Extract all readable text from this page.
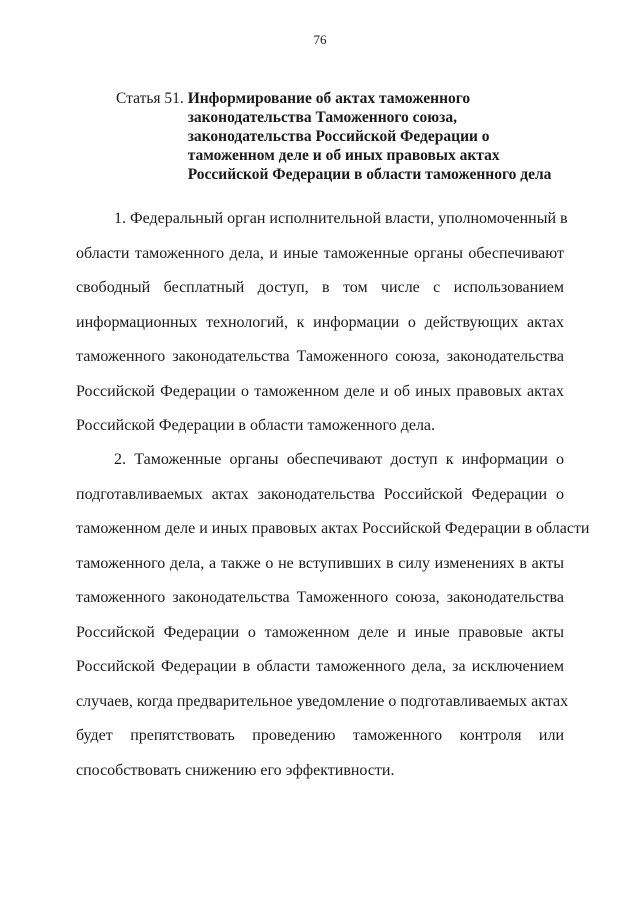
76
Статья 51. Информирование об актах таможенного
законодательства Таможенного союза,
законодательства Российской Федерации о
таможенном деле и об иных правовых актах
Российской Федерации в области таможенного дела
1. Федеральный орган исполнительной власти, уполномоченный в
области таможенного дела, и иные таможенные органы обеспечивают
свободный бесплатный доступ, в том числе с использованием
информационных технологий, к информации о действующих актах
таможенного законодательства Таможенного союза, законодательства
Российской Федерации о таможенном деле и об иных правовых актах
Российской Федерации в области таможенного дела.
2. Таможенные органы обеспечивают доступ к информации о
подготавливаемых актах законодательства Российской Федерации о
таможенном деле и иных правовых актах Российской Федерации в области
таможенного дела, а также о не вступивших в силу изменениях в акты
таможенного законодательства Таможенного союза, законодательства
Российской Федерации о таможенном деле и иные правовые акты
Российской Федерации в области таможенного дела, за исключением
случаев, когда предварительное уведомление о подготавливаемых актах
будет препятствовать проведению таможенного контроля или
способствовать снижению его эффективности.
